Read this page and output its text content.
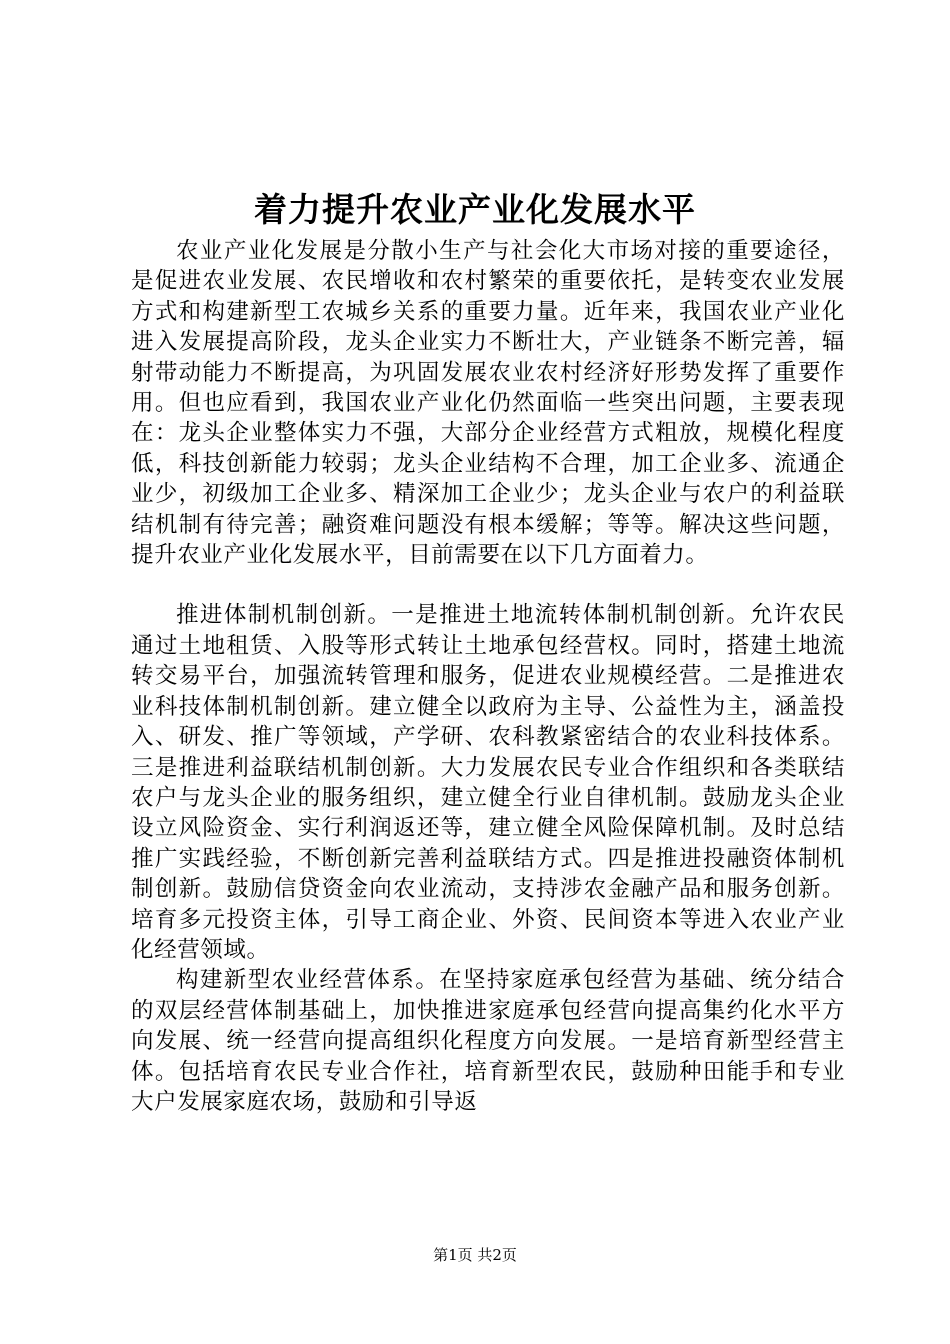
着力提升农业产业化发展水平

农业产业化发展是分散小生产与社会化大市场对接的重要途径，是促进农业发展、农民增收和农村繁荣的重要依托，是转变农业发展方式和构建新型工农城乡关系的重要力量。近年来，我国农业产业化进入发展提高阶段，龙头企业实力不断壮大，产业链条不断完善，辐射带动能力不断提高，为巩固发展农业农村经济好形势发挥了重要作用。但也应看到，我国农业产业化仍然面临一些突出问题，主要表现在：龙头企业整体实力不强，大部分企业经营方式粗放，规模化程度低，科技创新能力较弱；龙头企业结构不合理，加工企业多、流通企业少，初级加工企业多、精深加工企业少；龙头企业与农户的利益联结机制有待完善；融资难问题没有根本缓解；等等。解决这些问题，提升农业产业化发展水平，目前需要在以下几方面着力。

推进体制机制创新。一是推进土地流转体制机制创新。允许农民通过土地租赁、入股等形式转让土地承包经营权。同时，搭建土地流转交易平台，加强流转管理和服务，促进农业规模经营。二是推进农业科技体制机制创新。建立健全以政府为主导、公益性为主，涵盖投入、研发、推广等领域，产学研、农科教紧密结合的农业科技体系。三是推进利益联结机制创新。大力发展农民专业合作组织和各类联结农户与龙头企业的服务组织，建立健全行业自律机制。鼓励龙头企业设立风险资金、实行利润返还等，建立健全风险保障机制。及时总结推广实践经验，不断创新完善利益联结方式。四是推进投融资体制机制创新。鼓励信贷资金向农业流动，支持涉农金融产品和服务创新。培育多元投资主体，引导工商企业、外资、民间资本等进入农业产业化经营领域。

构建新型农业经营体系。在坚持家庭承包经营为基础、统分结合的双层经营体制基础上，加快推进家庭承包经营向提高集约化水平方向发展、统一经营向提高组织化程度方向发展。一是培育新型经营主体。包括培育农民专业合作社，培育新型农民，鼓励种田能手和专业大户发展家庭农场，鼓励和引导返

第1页 共2页
